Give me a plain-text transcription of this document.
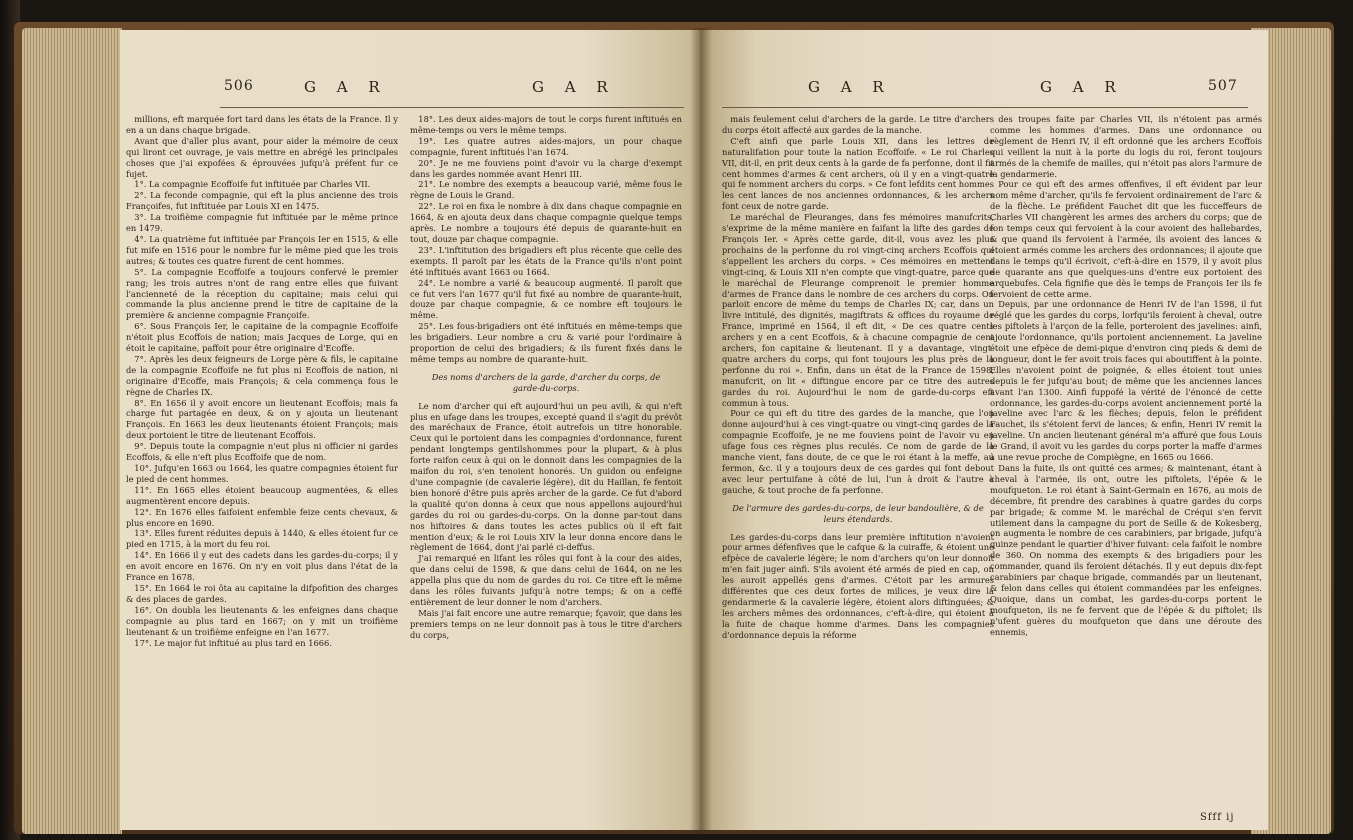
506	G A R	G A R

millions, eft marquée fort tard dans les états de la France. Il y en a un dans chaque brigade.

Avant que d'aller plus avant, pour aider la mémoire de ceux qui liront cet ouvrage, je vais mettre en abrégé les principales choses que j'ai expofées & éprouvées jufqu'à préfent fur ce fujet.

1°. La compagnie Ecoffoife fut inftituée par Charles VII.

2°. La feconde compagnie, qui eft la plus ancienne des trois Françoifes, fut inftituée par Louis XI en 1475.

3°. La troifième compagnie fut inftituée par le même prince en 1479.

4°. La quatrième fut inftituée par François Ier en 1515, & elle fut mife en 1516 pour le nombre fur le même pied que les trois autres; & toutes ces quatre furent de cent hommes.

5°. La compagnie Ecoffoife a toujours confervé le premier rang; les trois autres n'ont de rang entre elles que fuivant l'ancienneté de la réception du capitaine; mais celui qui commande la plus ancienne prend le titre de capitaine de la première & ancienne compagnie Françoife.

6°. Sous François Ier, le capitaine de la compagnie Ecoffoife n'étoit plus Ecoffois de nation; mais Jacques de Lorge, qui en étoit le capitaine, paffoit pour être originaire d'Ecoffe.

7°. Après les deux feigneurs de Lorge père & fils, le capitaine de la compagnie Ecoffoife ne fut plus ni Ecoffois de nation, ni originaire d'Ecoffe, mais François; & cela commença fous le règne de Charles IX.

8°. En 1656 il y avoit encore un lieutenant Ecoffois; mais fa charge fut partagée en deux, & on y ajouta un lieutenant François. En 1663 les deux lieutenants étoient François; mais deux portoient le titre de lieutenant Ecoffois.

9°. Depuis toute la compagnie n'eut plus ni officier ni gardes Ecoffois, & elle n'eft plus Ecoffoife que de nom.

10°. Jufqu'en 1663 ou 1664, les quatre compagnies étoient fur le pied de cent hommes.

11°. En 1665 elles étoient beaucoup augmentées, & elles augmentèrent encore depuis.

12°. En 1676 elles faifoient enfemble feize cents chevaux, & plus encore en 1690.

13°. Elles furent réduites depuis à 1440, & elles étoient fur ce pied en 1715, à la mort du feu roi.

14°. En 1666 il y eut des cadets dans les gardes-du-corps; il y en avoit encore en 1676. On n'y en voit plus dans l'état de la France en 1678.

15°. En 1664 le roi ôta au capitaine la difpofition des charges & des places de gardes.

16°. On doubla les lieutenants & les enfeignes dans chaque compagnie au plus tard en 1667; on y mit un troifième lieutenant & un troifième enfeigne en l'an 1677.

17°. Le major fut inftitué au plus tard en 1666.

18°. Les deux aides-majors de tout le corps furent inftitués en même-temps ou vers le même temps.

19°. Les quatre autres aides-majors, un pour chaque compagnie, furent inftitués l'an 1674.

20°. Je ne me fouviens point d'avoir vu la charge d'exempt dans les gardes nommée avant Henri III.

21°. Le nombre des exempts a beaucoup varié, même fous le règne de Louis le Grand.

22°. Le roi en fixa le nombre à dix dans chaque compagnie en 1664, & en ajouta deux dans chaque compagnie quelque temps après. Le nombre a toujours été depuis de quarante-huit en tout, douze par chaque compagnie.

23°. L'inftitution des brigadiers eft plus récente que celle des exempts. Il paroît par les états de la France qu'ils n'ont point été inftitués avant 1663 ou 1664.

24°. Le nombre a varié & beaucoup augmenté. Il paroît que ce fut vers l'an 1677 qu'il fut fixé au nombre de quarante-huit, douze par chaque compagnie, & ce nombre eft toujours le même.

25°. Les fous-brigadiers ont été inftitués en même-temps que les brigadiers. Leur nombre a cru & varié pour l'ordinaire à proportion de celui des brigadiers; & ils furent fixés dans le même temps au nombre de quarante-huit.

Des noms d'archers de la garde, d'archer du corps, de garde-du-corps.

Le nom d'archer qui eft aujourd'hui un peu avili, & qui n'eft plus en ufage dans les troupes, excepté quand il s'agit du prévôt des maréchaux de France, étoit autrefois un titre honorable. Ceux qui le portoient dans les compagnies d'ordonnance, furent pendant longtemps gentilshommes pour la plupart, & à plus forte raifon ceux à qui on le donnoit dans les compagnies de la maifon du roi, s'en tenoient honorés. Un guidon ou enfeigne d'une compagnie (de cavalerie légère), dit du Haillan, fe fentoit bien honoré d'être puis après archer de la garde. Ce fut d'abord la qualité qu'on donna à ceux que nous appellons aujourd'hui gardes du roi ou gardes-du-corps. On la donne par-tout dans nos hiftoires & dans toutes les actes publics où il eft fait mention d'eux; & le roi Louis XIV la leur donna encore dans le règlement de 1664, dont j'ai parlé ci-deffus.

J'ai remarqué en lifant les rôles qui font à la cour des aides, que dans celui de 1598, & que dans celui de 1644, on ne les appella plus que du nom de gardes du roi. Ce titre eft le même dans les rôles fuivants jufqu'à notre temps; & on a ceffé entièrement de leur donner le nom d'archers.

Mais j'ai fait encore une autre remarque; fçavoir, que dans les premiers temps on ne leur donnoit pas à tous le titre d'archers du corps,

G A R	G A R	507

mais feulement celui d'archers de la garde. Le titre d'archers du corps étoit affecté aux gardes de la manche.

C'eft ainfi que parle Louis XII, dans les lettres de naturalifation pour toute la nation Ecoffoife. « Le roi Charles VII, dit-il, en prit deux cents à la garde de fa perfonne, dont il fit cent hommes d'armes & cent archers, où il y en a vingt-quatre qui fe nomment archers du corps. » Ce font lefdits cent hommes les cent lances de nos anciennes ordonnances, & les archers font ceux de notre garde.

Le maréchal de Fleuranges, dans fes mémoires manufcrits, s'exprime de la même manière en faifant la lifte des gardes de François Ier. « Après cette garde, dit-il, vous avez les plus prochains de la perfonne du roi vingt-cinq archers Ecoffois qui s'appellent les archers du corps. » Ces mémoires en mettent vingt-cinq, & Louis XII n'en compte que vingt-quatre, parce que le maréchal de Fleurange comprenoit le premier homme d'armes de France dans le nombre de ces archers du corps. On parloit encore de même du temps de Charles IX; car, dans un livre intitulé, des dignités, magiftrats & offices du royaume de France, imprimé en 1564, il eft dit, « De ces quatre cents archers y en a cent Ecoffois, & à chacune compagnie de cent archers, fon capitaine & lieutenant. Il y a davantage, vingt-quatre archers du corps, qui font toujours les plus près de la perfonne du roi ». Enfin, dans un état de la France de 1598, manufcrit, on lit « diftingue encore par ce titre des autres gardes du roi. Aujourd'hui le nom de garde-du-corps eft commun à tous.

Pour ce qui eft du titre des gardes de la manche, que l'on donne aujourd'hui à ces vingt-quatre ou vingt-cinq gardes de la compagnie Ecoffoife, je ne me fouviens point de l'avoir vu en ufage fous ces règnes plus reculés. Ce nom de garde de la manche vient, fans doute, de ce que le roi étant à la meffe, au fermon, &c. il y a toujours deux de ces gardes qui font debout avec leur pertuifane à côté de lui, l'un à droit & l'autre à gauche, & tout proche de fa perfonne.

De l'armure des gardes-du-corps, de leur bandoulière, & de leurs étendards.

Les gardes-du-corps dans leur première inftitution n'avoient pour armes défenfives que le cafque & la cuiraffe, & étoient une efpèce de cavalerie légère; le nom d'archers qu'on leur donnoit m'en fait juger ainfi. S'ils avoient été armés de pied en cap, on les auroit appellés gens d'armes. C'étoit par les armures différentes que ces deux fortes de milices, je veux dire la gendarmerie & la cavalerie légère, étoient alors diftinguées; & les archers mêmes des ordonnances, c'eft-à-dire, qui étoient à la fuite de chaque homme d'armes. Dans les compagnies d'ordonnance depuis la réforme

des troupes faite par Charles VII, ils n'étoient pas armés comme les hommes d'armes. Dans une ordonnance ou règlement de Henri IV, il eft ordonné que les archers Ecoffois qui veillent la nuit à la porte du logis du roi, feront toujours armés de la chemife de mailles, qui n'étoit pas alors l'armure de la gendarmerie.

Pour ce qui eft des armes offenfives, il eft évident par leur nom même d'archer, qu'ils fe fervoient ordinairement de l'arc & de la flèche. Le préfident Fauchet dit que les fucceffeurs de Charles VII changèrent les armes des archers du corps; que de fon temps ceux qui fervoient à la cour avoient des hallebardes, & que quand ils fervoient à l'armée, ils avoient des lances & étoient armés comme les archers des ordonnances; il ajoute que dans le temps qu'il écrivoit, c'eft-à-dire en 1579, il y avoit plus de quarante ans que quelques-uns d'entre eux portoient des arquebufes. Cela fignifie que dès le temps de François Ier ils fe fervoient de cette arme.

Depuis, par une ordonnance de Henri IV de l'an 1598, il fut réglé que les gardes du corps, lorfqu'ils feroient à cheval, outre les piftolets à l'arçon de la felle, porteroient des javelines: ainfi, ajoute l'ordonnance, qu'ils portoient anciennement. La javeline étoit une efpèce de demi-pique d'environ cinq pieds & demi de longueur, dont le fer avoit trois faces qui aboutiffent à la pointe. Elles n'avoient point de poignée, & elles étoient tout unies depuis le fer jufqu'au bout; de même que les anciennes lances avant l'an 1300. Ainfi fuppofé la vérité de l'énoncé de cette ordonnance, les gardes-du-corps avoient anciennement porté la javeline avec l'arc & les flèches; depuis, felon le préfident Fauchet, ils s'étoient fervi de lances; & enfin, Henri IV remit la javeline. Un ancien lieutenant général m'a affuré que fous Louis le Grand, il avoit vu les gardes du corps porter la maffe d'armes à une revue proche de Compiègne, en 1665 ou 1666.

Dans la fuite, ils ont quitté ces armes; & maintenant, étant à cheval à l'armée, ils ont, outre les piftolets, l'épée & le moufqueton. Le roi étant à Saint-Germain en 1676, au mois de décembre, fit prendre des carabines à quatre gardes du corps par brigade; & comme M. le maréchal de Créqui s'en fervit utilement dans la campagne du port de Seille & de Kokesberg, on augmenta le nombre de ces carabiniers, par brigade, jufqu'à quinze pendant le quartier d'hiver fuivant: cela faifoit le nombre de 360. On nomma des exempts & des brigadiers pour les commander, quand ils feroient détachés. Il y eut depuis dix-fept carabiniers par chaque brigade, commandés par un lieutenant, & felon dans celles qui étoient commandées par les enfeignes. Quoique, dans un combat, les gardes-du-corps portent le moufqueton, ils ne fe fervent que de l'épée & du piftolet; ils n'ufent guères du moufqueton que dans une déroute des ennemis,

Sfff ij
